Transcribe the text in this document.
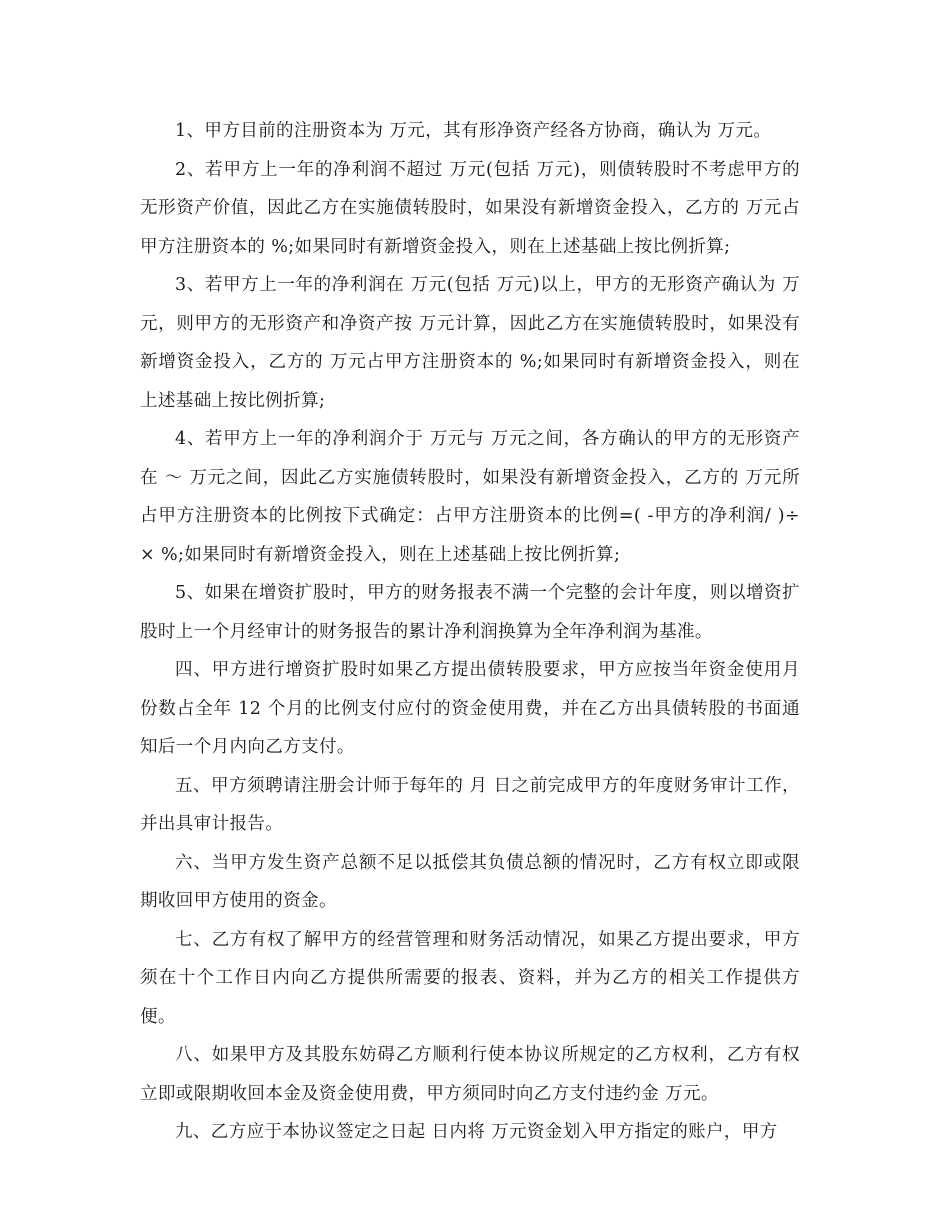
1、甲方目前的注册资本为 万元，其有形净资产经各方协商，确认为 万元。

2、若甲方上一年的净利润不超过 万元(包括 万元)，则债转股时不考虑甲方的无形资产价值，因此乙方在实施债转股时，如果没有新增资金投入，乙方的 万元占甲方注册资本的 %;如果同时有新增资金投入，则在上述基础上按比例折算;

3、若甲方上一年的净利润在 万元(包括 万元)以上，甲方的无形资产确认为 万元，则甲方的无形资产和净资产按 万元计算，因此乙方在实施债转股时，如果没有新增资金投入，乙方的 万元占甲方注册资本的 %;如果同时有新增资金投入，则在上述基础上按比例折算;

4、若甲方上一年的净利润介于 万元与 万元之间，各方确认的甲方的无形资产在 ～ 万元之间，因此乙方实施债转股时，如果没有新增资金投入，乙方的 万元所占甲方注册资本的比例按下式确定：占甲方注册资本的比例=( -甲方的净利润/ )÷ × %;如果同时有新增资金投入，则在上述基础上按比例折算;

5、如果在增资扩股时，甲方的财务报表不满一个完整的会计年度，则以增资扩股时上一个月经审计的财务报告的累计净利润换算为全年净利润为基准。

四、甲方进行增资扩股时如果乙方提出债转股要求，甲方应按当年资金使用月份数占全年 12 个月的比例支付应付的资金使用费，并在乙方出具债转股的书面通知后一个月内向乙方支付。

五、甲方须聘请注册会计师于每年的 月 日之前完成甲方的年度财务审计工作，并出具审计报告。

六、当甲方发生资产总额不足以抵偿其负债总额的情况时，乙方有权立即或限期收回甲方使用的资金。

七、乙方有权了解甲方的经营管理和财务活动情况，如果乙方提出要求，甲方须在十个工作日内向乙方提供所需要的报表、资料，并为乙方的相关工作提供方便。

八、如果甲方及其股东妨碍乙方顺利行使本协议所规定的乙方权利，乙方有权立即或限期收回本金及资金使用费，甲方须同时向乙方支付违约金 万元。

九、乙方应于本协议签定之日起 日内将 万元资金划入甲方指定的账户，甲方
